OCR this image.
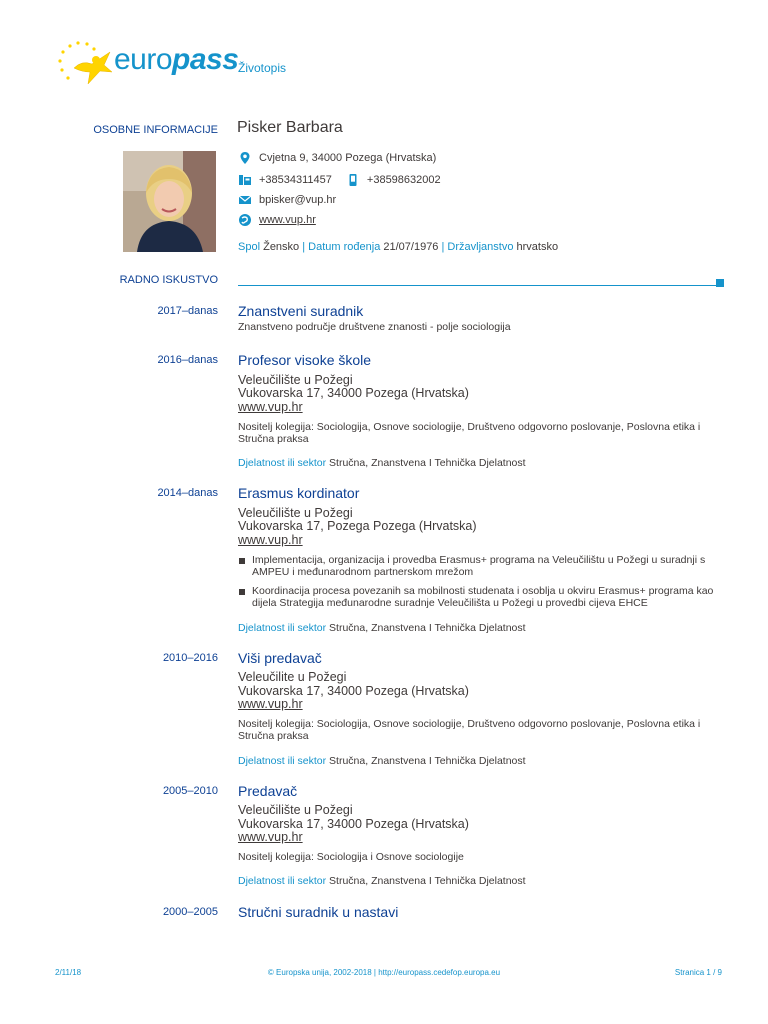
europass Životopis
OSOBNE INFORMACIJE Pisker Barbara
Cvjetna 9, 34000 Pozega (Hrvatska)
+38534311457	+38598632002
bpisker@vup.hr
www.vup.hr
Spol Žensko | Datum rođenja 21/07/1976 | Državljanstvo hrvatsko
RADNO ISKUSTVO
2017–danas Znanstveni suradnik
Znanstveno područje društvene znanosti - polje sociologija
2016–danas Profesor visoke škole
Veleučilište u Požegi
Vukovarska 17, 34000 Pozega (Hrvatska)
www.vup.hr
Nositelj kolegija: Sociologija, Osnove sociologije, Društveno odgovorno poslovanje, Poslovna etika i Stručna praksa
Djelatnost ili sektor Stručna, Znanstvena I Tehnička Djelatnost
2014–danas Erasmus kordinator
Veleučilište u Požegi
Vukovarska 17, Pozega Pozega (Hrvatska)
www.vup.hr
Implementacija, organizacija i provedba Erasmus+ programa na Veleučilištu u Požegi u suradnji s AMPEU i međunarodnom partnerskom mrežom
Koordinacija procesa povezanih sa mobilnosti studenata i osoblja u okviru Erasmus+ programa kao dijela Strategija međunarodne suradnje Veleučilišta u Požegi u provedbi cijeva EHCE
Djelatnost ili sektor Stručna, Znanstvena I Tehnička Djelatnost
2010–2016 Viši predavač
Veleučilite u Požegi
Vukovarska 17, 34000 Pozega (Hrvatska)
www.vup.hr
Nositelj kolegija: Sociologija, Osnove sociologije, Društveno odgovorno poslovanje, Poslovna etika i Stručna praksa
Djelatnost ili sektor Stručna, Znanstvena I Tehnička Djelatnost
2005–2010 Predavač
Veleučilište u Požegi
Vukovarska 17, 34000 Pozega (Hrvatska)
www.vup.hr
Nositelj kolegija: Sociologija i Osnove sociologije
Djelatnost ili sektor Stručna, Znanstvena I Tehnička Djelatnost
2000–2005 Stručni suradnik u nastavi
2/11/18	© Europska unija, 2002-2018 | http://europass.cedefop.europa.eu	Stranica 1 / 9
